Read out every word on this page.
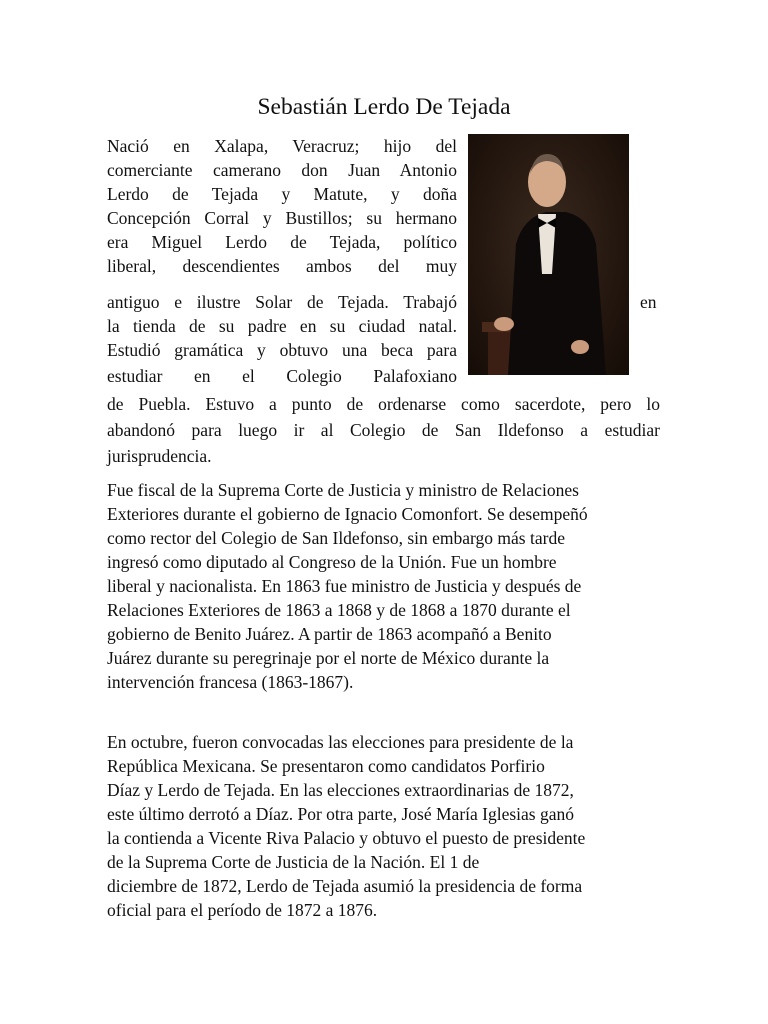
Sebastián Lerdo De Tejada
Nació en Xalapa, Veracruz; hijo del
comerciante camerano don Juan Antonio
Lerdo de Tejada y Matute, y doña
Concepción Corral y Bustillos; su hermano
era Miguel Lerdo de Tejada, político
liberal, descendientes ambos del muy
antiguo e ilustre Solar de Tejada. Trabajó	en
la tienda de su padre en su ciudad natal.
Estudió gramática y obtuvo una beca para
estudiar en el Colegio Palafoxiano
de Puebla. Estuvo a punto de ordenarse como sacerdote, pero lo
abandonó para luego ir al Colegio de San Ildefonso a estudiar
jurisprudencia.
Fue fiscal de la Suprema Corte de Justicia y ministro de Relaciones
Exteriores durante el gobierno de Ignacio Comonfort. Se desempeñó
como rector del Colegio de San Ildefonso, sin embargo más tarde
ingresó como diputado al Congreso de la Unión. Fue un hombre
liberal y nacionalista. En 1863 fue ministro de Justicia y después de
Relaciones Exteriores de 1863 a 1868 y de 1868 a 1870 durante el
gobierno de Benito Juárez. A partir de 1863 acompañó a Benito
Juárez durante su peregrinaje por el norte de México durante la
intervención francesa (1863-1867).
En octubre, fueron convocadas las elecciones para presidente de la
República Mexicana. Se presentaron como candidatos Porfirio
Díaz y Lerdo de Tejada. En las elecciones extraordinarias de 1872,
este último derrotó a Díaz. Por otra parte, José María Iglesias ganó
la contienda a Vicente Riva Palacio y obtuvo el puesto de presidente
de la Suprema Corte de Justicia de la Nación. El 1 de
diciembre de 1872, Lerdo de Tejada asumió la presidencia de forma
oficial para el período de 1872 a 1876.
